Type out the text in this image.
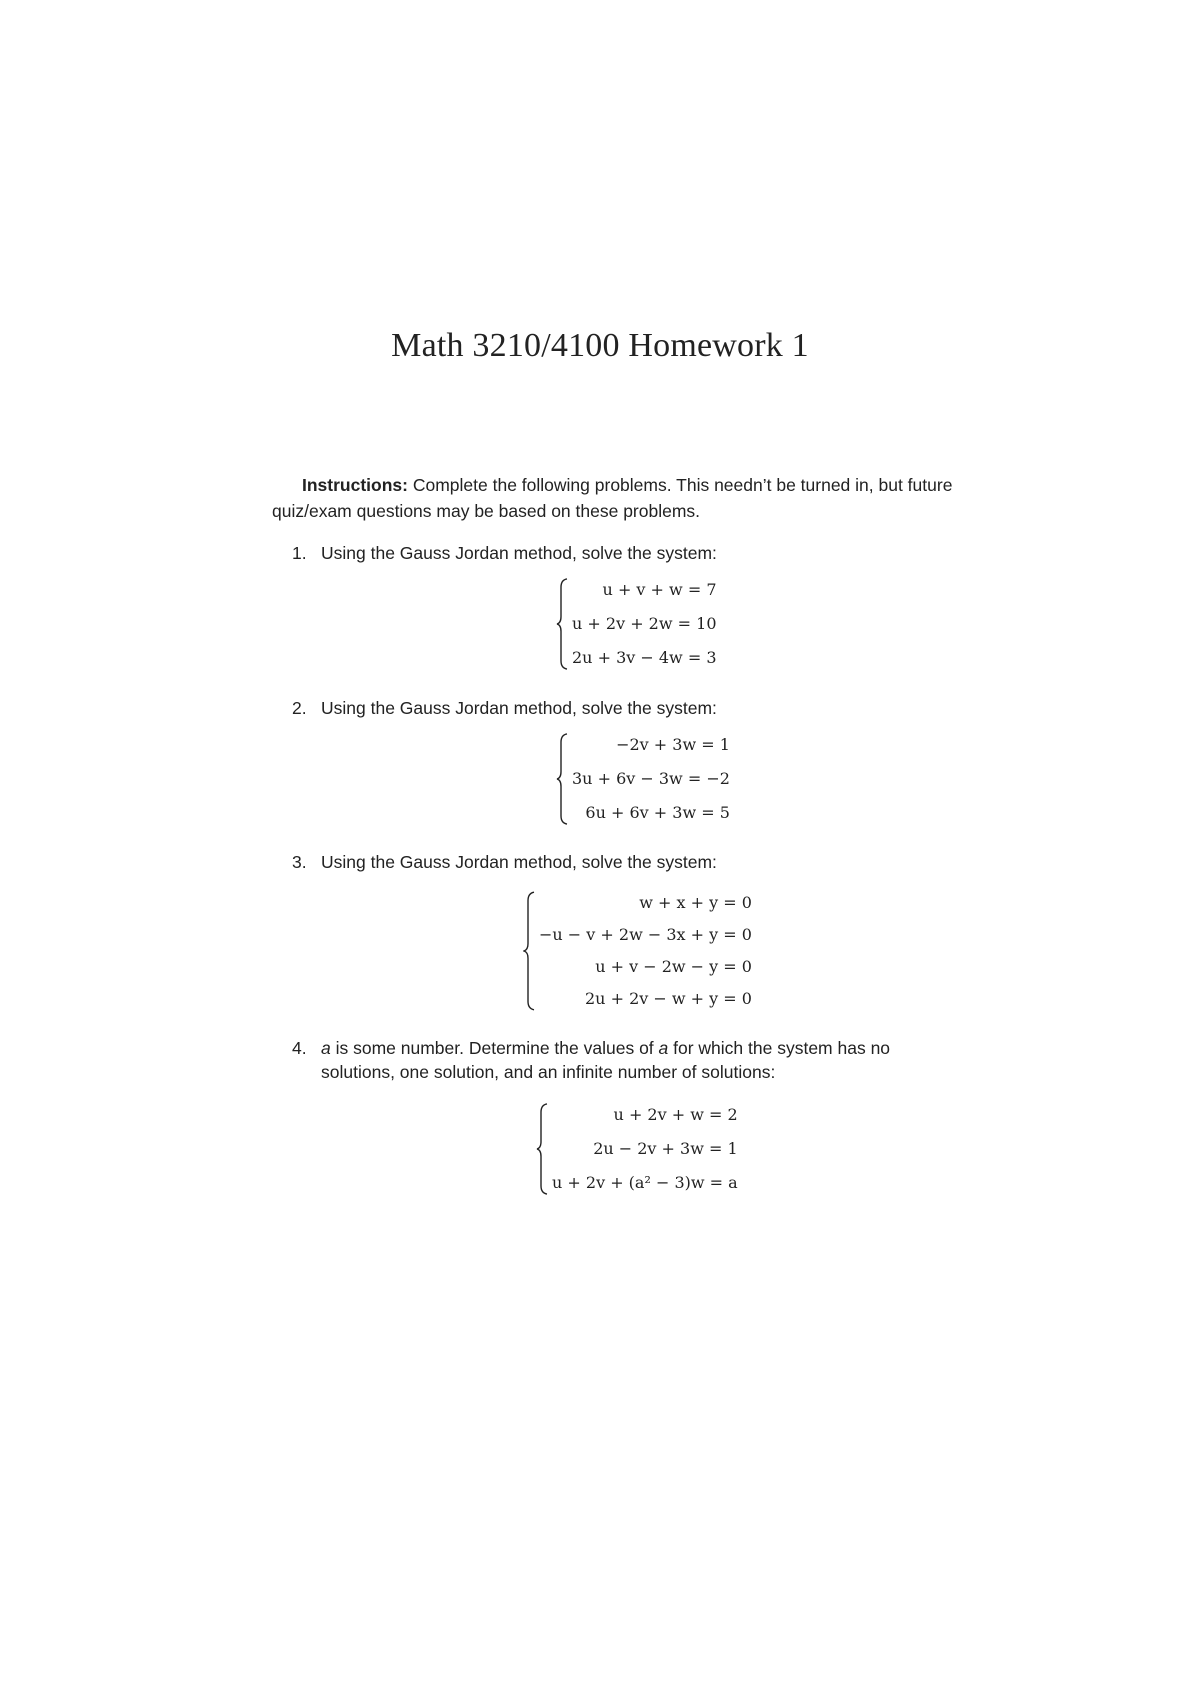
Math 3210/4100 Homework 1

Instructions: Complete the following problems. This needn’t be turned in, but future quiz/exam questions may be based on these problems.

1. Using the Gauss Jordan method, solve the system:
u + v + w = 7
u + 2v + 2w = 10
2u + 3v − 4w = 3
2. Using the Gauss Jordan method, solve the system:
−2v + 3w = 1
3u + 6v − 3w = −2
6u + 6v + 3w = 5
3. Using the Gauss Jordan method, solve the system:
w + x + y = 0
−u − v + 2w − 3x + y = 0
u + v − 2w − y = 0
2u + 2v − w + y = 0
4. a is some number. Determine the values of a for which the system has no
solutions, one solution, and an infinite number of solutions:
u + 2v + w = 2
2u − 2v + 3w = 1
u + 2v + (a² − 3)w = a
